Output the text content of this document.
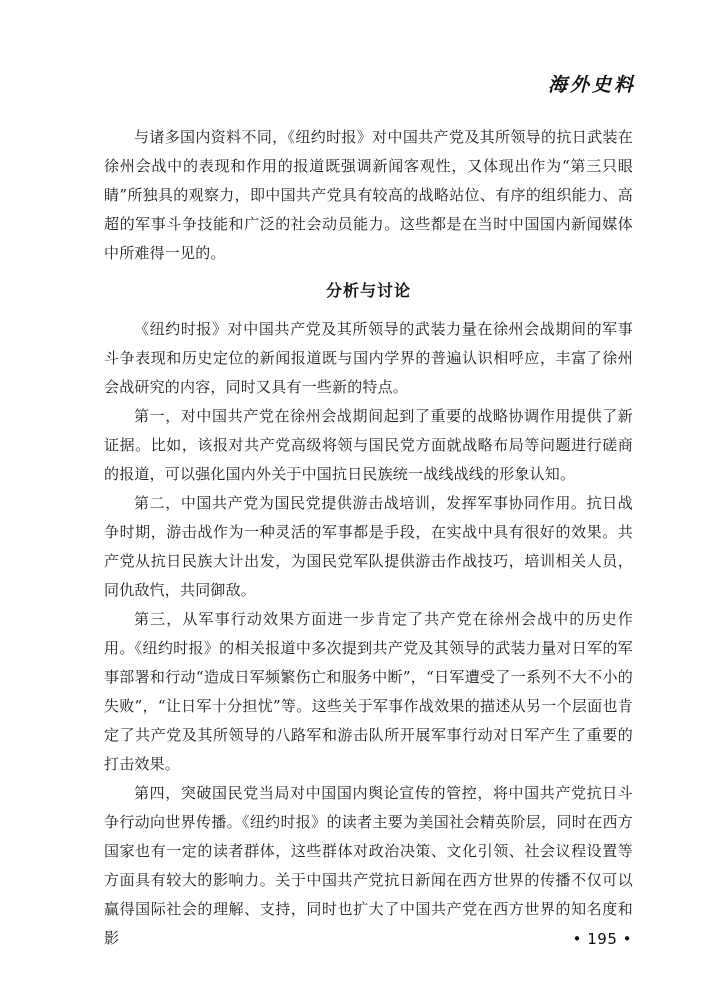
海外史料

与诸多国内资料不同，《纽约时报》对中国共产党及其所领导的抗日武装在徐州会战中的表现和作用的报道既强调新闻客观性，又体现出作为“第三只眼睛”所独具的观察力，即中国共产党具有较高的战略站位、有序的组织能力、高超的军事斗争技能和广泛的社会动员能力。这些都是在当时中国国内新闻媒体中所难得一见的。

分析与讨论

《纽约时报》对中国共产党及其所领导的武装力量在徐州会战期间的军事斗争表现和历史定位的新闻报道既与国内学界的普遍认识相呼应，丰富了徐州会战研究的内容，同时又具有一些新的特点。

第一，对中国共产党在徐州会战期间起到了重要的战略协调作用提供了新证据。比如，该报对共产党高级将领与国民党方面就战略布局等问题进行磋商的报道，可以强化国内外关于中国抗日民族统一战线战线的形象认知。

第二，中国共产党为国民党提供游击战培训，发挥军事协同作用。抗日战争时期，游击战作为一种灵活的军事都是手段，在实战中具有很好的效果。共产党从抗日民族大计出发，为国民党军队提供游击作战技巧，培训相关人员，同仇敌忾，共同御敌。

第三，从军事行动效果方面进一步肯定了共产党在徐州会战中的历史作用。《纽约时报》的相关报道中多次提到共产党及其领导的武装力量对日军的军事部署和行动“造成日军频繁伤亡和服务中断”，“日军遭受了一系列不大不小的失败”，“让日军十分担忧”等。这些关于军事作战效果的描述从另一个层面也肯定了共产党及其所领导的八路军和游击队所开展军事行动对日军产生了重要的打击效果。

第四，突破国民党当局对中国国内舆论宣传的管控，将中国共产党抗日斗争行动向世界传播。《纽约时报》的读者主要为美国社会精英阶层，同时在西方国家也有一定的读者群体，这些群体对政治决策、文化引领、社会议程设置等方面具有较大的影响力。关于中国共产党抗日新闻在西方世界的传播不仅可以赢得国际社会的理解、支持，同时也扩大了中国共产党在西方世界的知名度和影	• 195 •
